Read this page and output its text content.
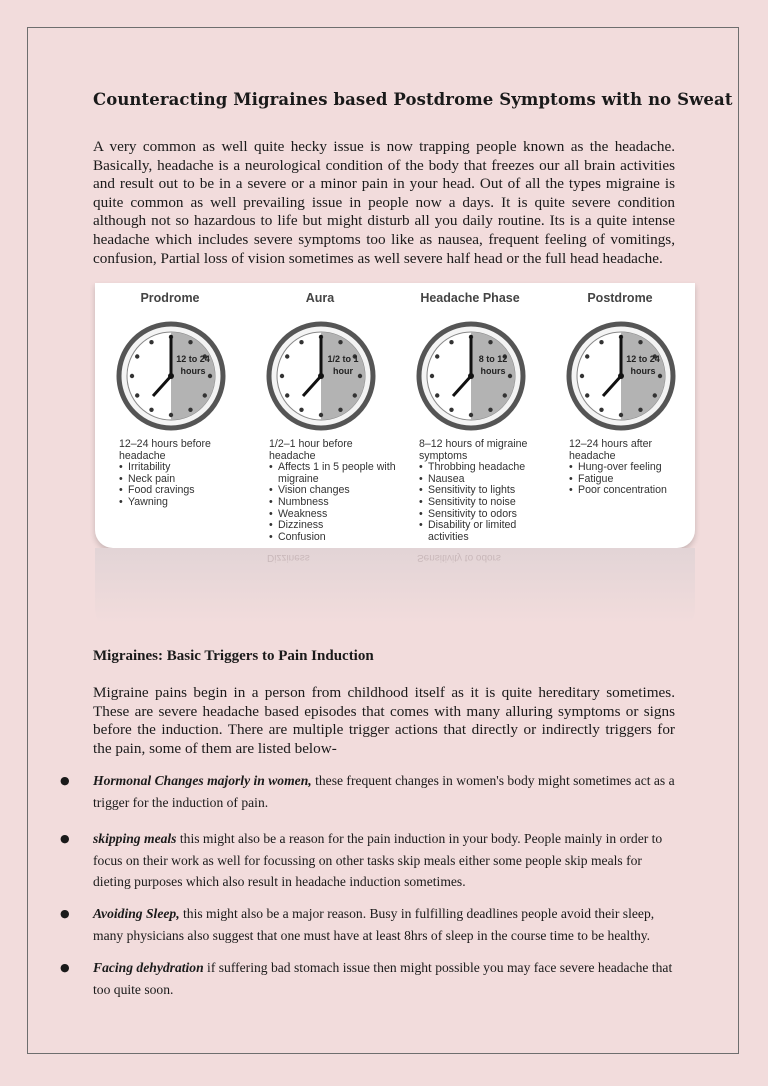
Counteracting Migraines based Postdrome Symptoms with no Sweat
A very common as well quite hecky issue is now trapping people known as the headache. Basically, headache is a neurological condition of the body that freezes our all brain activities and result out to be in a severe or a minor pain in your head. Out of all the types migraine is quite common as well prevailing issue in people now a days. It is quite severe condition although not so hazardous to life but might disturb all you daily routine. Its is a quite intense headache which includes severe symptoms too like as nausea, frequent feeling of vomitings, confusion, Partial loss of vision sometimes as well severe half head or the full head headache.
Prodrome
12 to 24
hours
12–24 hours before
headache
• Irritability
• Neck pain
• Food cravings
• Yawning
Aura
1/2 to 1
hour
1/2–1 hour before
headache
• Affects 1 in 5 people with migraine
• Vision changes
• Numbness
• Weakness
• Dizziness
• Confusion
Headache Phase
8 to 12
hours
8–12 hours of migraine
symptoms
• Throbbing headache
• Nausea
• Sensitivity to lights
• Sensitivity to noise
• Sensitivity to odors
• Disability or limited activities
Postdrome
12 to 24
hours
12–24 hours after
headache
• Hung-over feeling
• Fatigue
• Poor concentration
Dizziness	Sensitivity to odors
Migraines: Basic Triggers to Pain Induction
Migraine pains begin in a person from childhood itself as it is quite hereditary sometimes. These are severe headache based episodes that comes with many alluring symptoms or signs before the induction. There are multiple trigger actions that directly or indirectly triggers for the pain, some of them are listed below-
● Hormonal Changes majorly in women, these frequent changes in women's body might sometimes act as a trigger for the induction of pain.
● skipping meals this might also be a reason for the pain induction in your body. People mainly in order to focus on their work as well for focussing on other tasks skip meals either some people skip meals for dieting purposes which also result in headache induction sometimes.
● Avoiding Sleep, this might also be a major reason. Busy in fulfilling deadlines people avoid their sleep, many physicians also suggest that one must have at least 8hrs of sleep in the course time to be healthy.
● Facing dehydration if suffering bad stomach issue then might possible you may face severe headache that too quite soon.
